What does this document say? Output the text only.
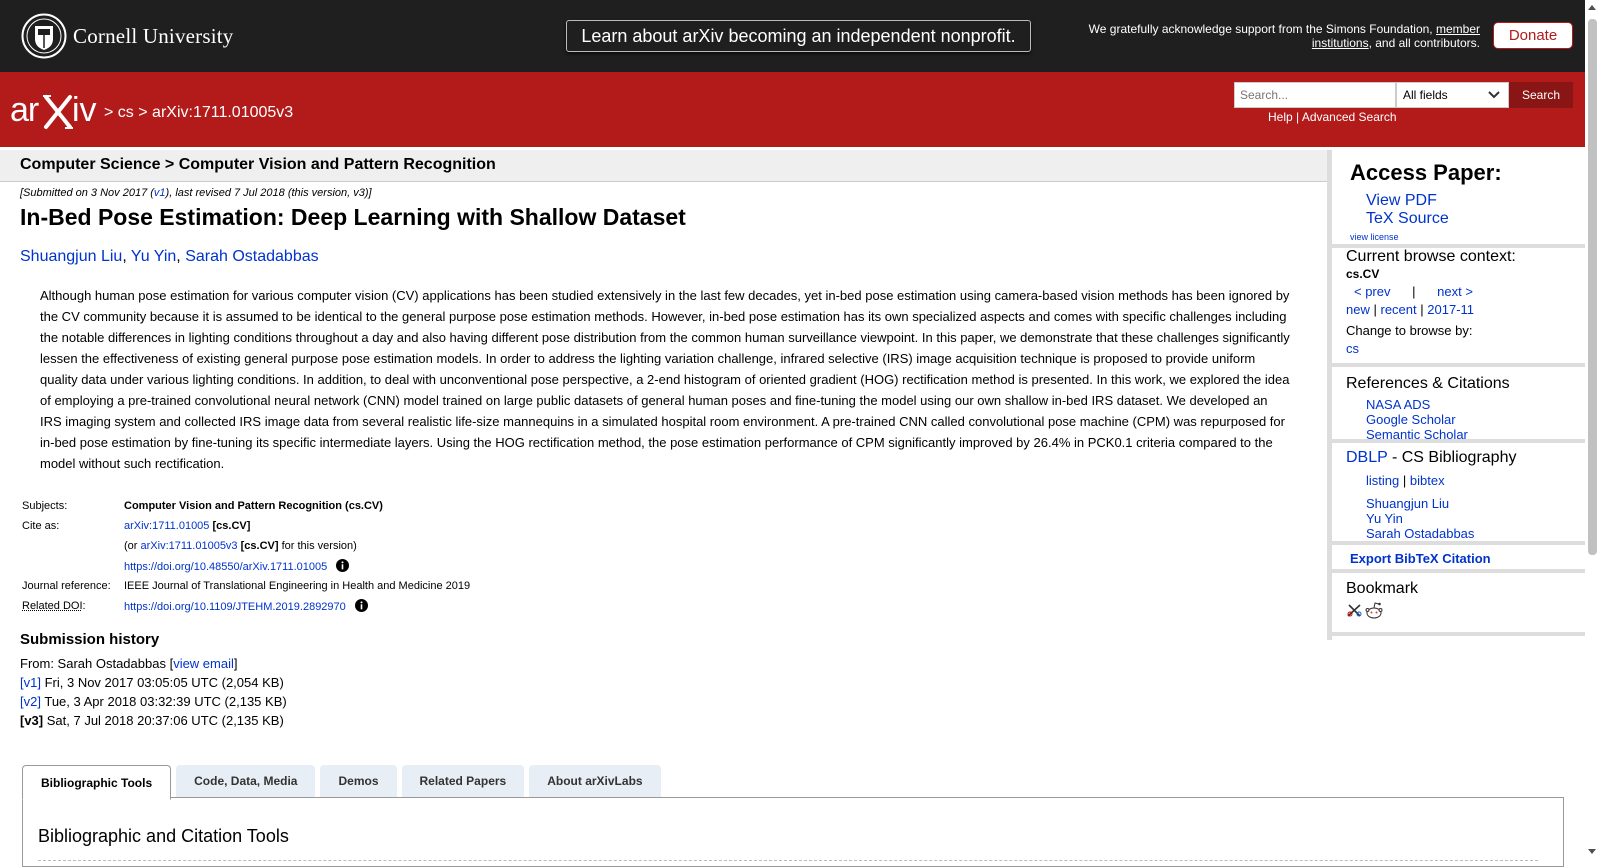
Cornell University	Learn about arXiv becoming an independent nonprofit.	We gratefully acknowledge support from the Simons Foundation, member institutions, and all contributors.	Donate
ar iv > cs > arXiv:1711.01005v3
Search...
All fields	Search
Help | Advanced Search
Computer Science > Computer Vision and Pattern Recognition
[Submitted on 3 Nov 2017 (v1), last revised 7 Jul 2018 (this version, v3)]
In-Bed Pose Estimation: Deep Learning with Shallow Dataset
Shuangjun Liu, Yu Yin, Sarah Ostadabbas

Although human pose estimation for various computer vision (CV) applications has been studied extensively in the last few decades, yet in-bed pose estimation using camera-based vision methods has been ignored by the CV community because it is assumed to be identical to the general purpose pose estimation methods. However, in-bed pose estimation has its own specialized aspects and comes with specific challenges including the notable differences in lighting conditions throughout a day and also having different pose distribution from the common human surveillance viewpoint. In this paper, we demonstrate that these challenges significantly lessen the effectiveness of existing general purpose pose estimation models. In order to address the lighting variation challenge, infrared selective (IRS) image acquisition technique is proposed to provide uniform quality data under various lighting conditions. In addition, to deal with unconventional pose perspective, a 2-end histogram of oriented gradient (HOG) rectification method is presented. In this work, we explored the idea of employing a pre-trained convolutional neural network (CNN) model trained on large public datasets of general human poses and fine-tuning the model using our own shallow in-bed IRS dataset. We developed an IRS imaging system and collected IRS image data from several realistic life-size mannequins in a simulated hospital room environment. A pre-trained CNN called convolutional pose machine (CPM) was repurposed for in-bed pose estimation by fine-tuning its specific intermediate layers. Using the HOG rectification method, the pose estimation performance of CPM significantly improved by 26.4% in PCK0.1 criteria compared to the model without such rectification.

Subjects:	Computer Vision and Pattern Recognition (cs.CV)
Cite as:	arXiv:1711.01005 [cs.CV]
	(or arXiv:1711.01005v3 [cs.CV] for this version)
	https://doi.org/10.48550/arXiv.1711.01005
Journal reference:	IEEE Journal of Translational Engineering in Health and Medicine 2019
Related DOI:	https://doi.org/10.1109/JTEHM.2019.2892970
Submission history
From: Sarah Ostadabbas [view email]
[v1] Fri, 3 Nov 2017 03:05:05 UTC (2,054 KB)
[v2] Tue, 3 Apr 2018 03:32:39 UTC (2,135 KB)
[v3] Sat, 7 Jul 2018 20:37:06 UTC (2,135 KB)
Bibliographic Tools	Code, Data, Media	Demos	Related Papers	About arXivLabs
Bibliographic and Citation Tools
Access Paper:
View PDF
TeX Source
view license
Current browse context:
cs.CV
< prev | next >
new | recent | 2017-11
Change to browse by:
cs
References & Citations
NASA ADS
Google Scholar
Semantic Scholar
DBLP - CS Bibliography
listing | bibtex
Shuangjun Liu
Yu Yin
Sarah Ostadabbas
Export BibTeX Citation
Bookmark
